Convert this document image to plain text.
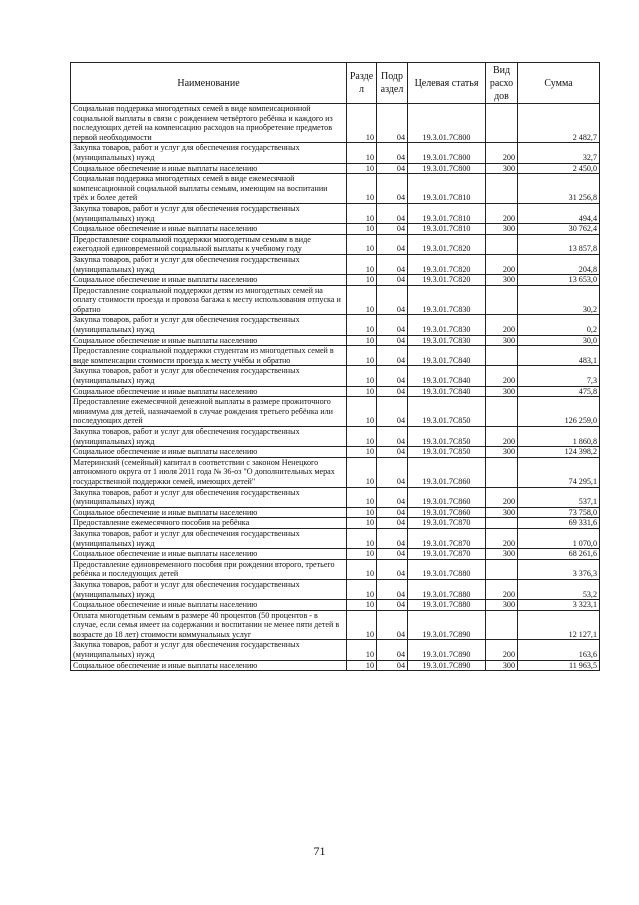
Наименование	Разде л	Подр аздел	Целевая статья	Вид расхо дов	Сумма
Социальная поддержка многодетных семей в виде компенсационной социальной выплаты в связи с рождением четвёртого ребёнка и каждого из последующих детей на компенсацию расходов на приобретение предметов первой необходимости	10	04	19.3.01.7С800		2 482,7
Закупка товаров, работ и услуг для обеспечения государственных (муниципальных) нужд	10	04	19.3.01.7С800	200	32,7
Социальное обеспечение и иные выплаты населению	10	04	19.3.01.7С800	300	2 450,0
Социальная поддержка многодетных семей в виде ежемесячной компенсационной социальной выплаты семьям, имеющим на воспитании трёх и более детей	10	04	19.3.01.7С810		31 256,8
Закупка товаров, работ и услуг для обеспечения государственных (муниципальных) нужд	10	04	19.3.01.7С810	200	494,4
Социальное обеспечение и иные выплаты населению	10	04	19.3.01.7С810	300	30 762,4
Предоставление социальной поддержки многодетным семьям в виде ежегодной единовременной социальной выплаты к учебному году	10	04	19.3.01.7С820		13 857,8
Закупка товаров, работ и услуг для обеспечения государственных (муниципальных) нужд	10	04	19.3.01.7С820	200	204,8
Социальное обеспечение и иные выплаты населению	10	04	19.3.01.7С820	300	13 653,0
Предоставление социальной поддержки детям из многодетных семей на оплату стоимости проезда и провоза багажа к месту использования отпуска и обратно	10	04	19.3.01.7С830		30,2
Закупка товаров, работ и услуг для обеспечения государственных (муниципальных) нужд	10	04	19.3.01.7С830	200	0,2
Социальное обеспечение и иные выплаты населению	10	04	19.3.01.7С830	300	30,0
Предоставление социальной поддержки студентам из многодетных семей в виде компенсации стоимости проезда к месту учёбы и обратно	10	04	19.3.01.7С840		483,1
Закупка товаров, работ и услуг для обеспечения государственных (муниципальных) нужд	10	04	19.3.01.7С840	200	7,3
Социальное обеспечение и иные выплаты населению	10	04	19.3.01.7С840	300	475,8
Предоставление ежемесячной денежной выплаты в размере прожиточного минимума для детей, назначаемой в случае рождения третьего ребёнка или последующих детей	10	04	19.3.01.7С850		126 259,0
Закупка товаров, работ и услуг для обеспечения государственных (муниципальных) нужд	10	04	19.3.01.7С850	200	1 860,8
Социальное обеспечение и иные выплаты населению	10	04	19.3.01.7С850	300	124 398,2
Материнский (семейный) капитал в соответствии с законом Ненецкого автономного округа от 1 июля 2011 года № 36-оз "О дополнительных мерах государственной поддержки семей, имеющих детей"	10	04	19.3.01.7С860		74 295,1
Закупка товаров, работ и услуг для обеспечения государственных (муниципальных) нужд	10	04	19.3.01.7С860	200	537,1
Социальное обеспечение и иные выплаты населению	10	04	19.3.01.7С860	300	73 758,0
Предоставление ежемесячного пособия на ребёнка	10	04	19.3.01.7С870		69 331,6
Закупка товаров, работ и услуг для обеспечения государственных (муниципальных) нужд	10	04	19.3.01.7С870	200	1 070,0
Социальное обеспечение и иные выплаты населению	10	04	19.3.01.7С870	300	68 261,6
Предоставление единовременного пособия при рождении второго, третьего ребёнка и последующих детей	10	04	19.3.01.7С880		3 376,3
Закупка товаров, работ и услуг для обеспечения государственных (муниципальных) нужд	10	04	19.3.01.7С880	200	53,2
Социальное обеспечение и иные выплаты населению	10	04	19.3.01.7С880	300	3 323,1
Оплата многодетным семьям в размере 40 процентов (50 процентов - в случае, если семья имеет на содержании и воспитании не менее пяти детей в возрасте до 18 лет) стоимости коммунальных услуг	10	04	19.3.01.7С890		12 127,1
Закупка товаров, работ и услуг для обеспечения государственных (муниципальных) нужд	10	04	19.3.01.7С890	200	163,6
Социальное обеспечение и иные выплаты населению	10	04	19.3.01.7С890	300	11 963,5
71
